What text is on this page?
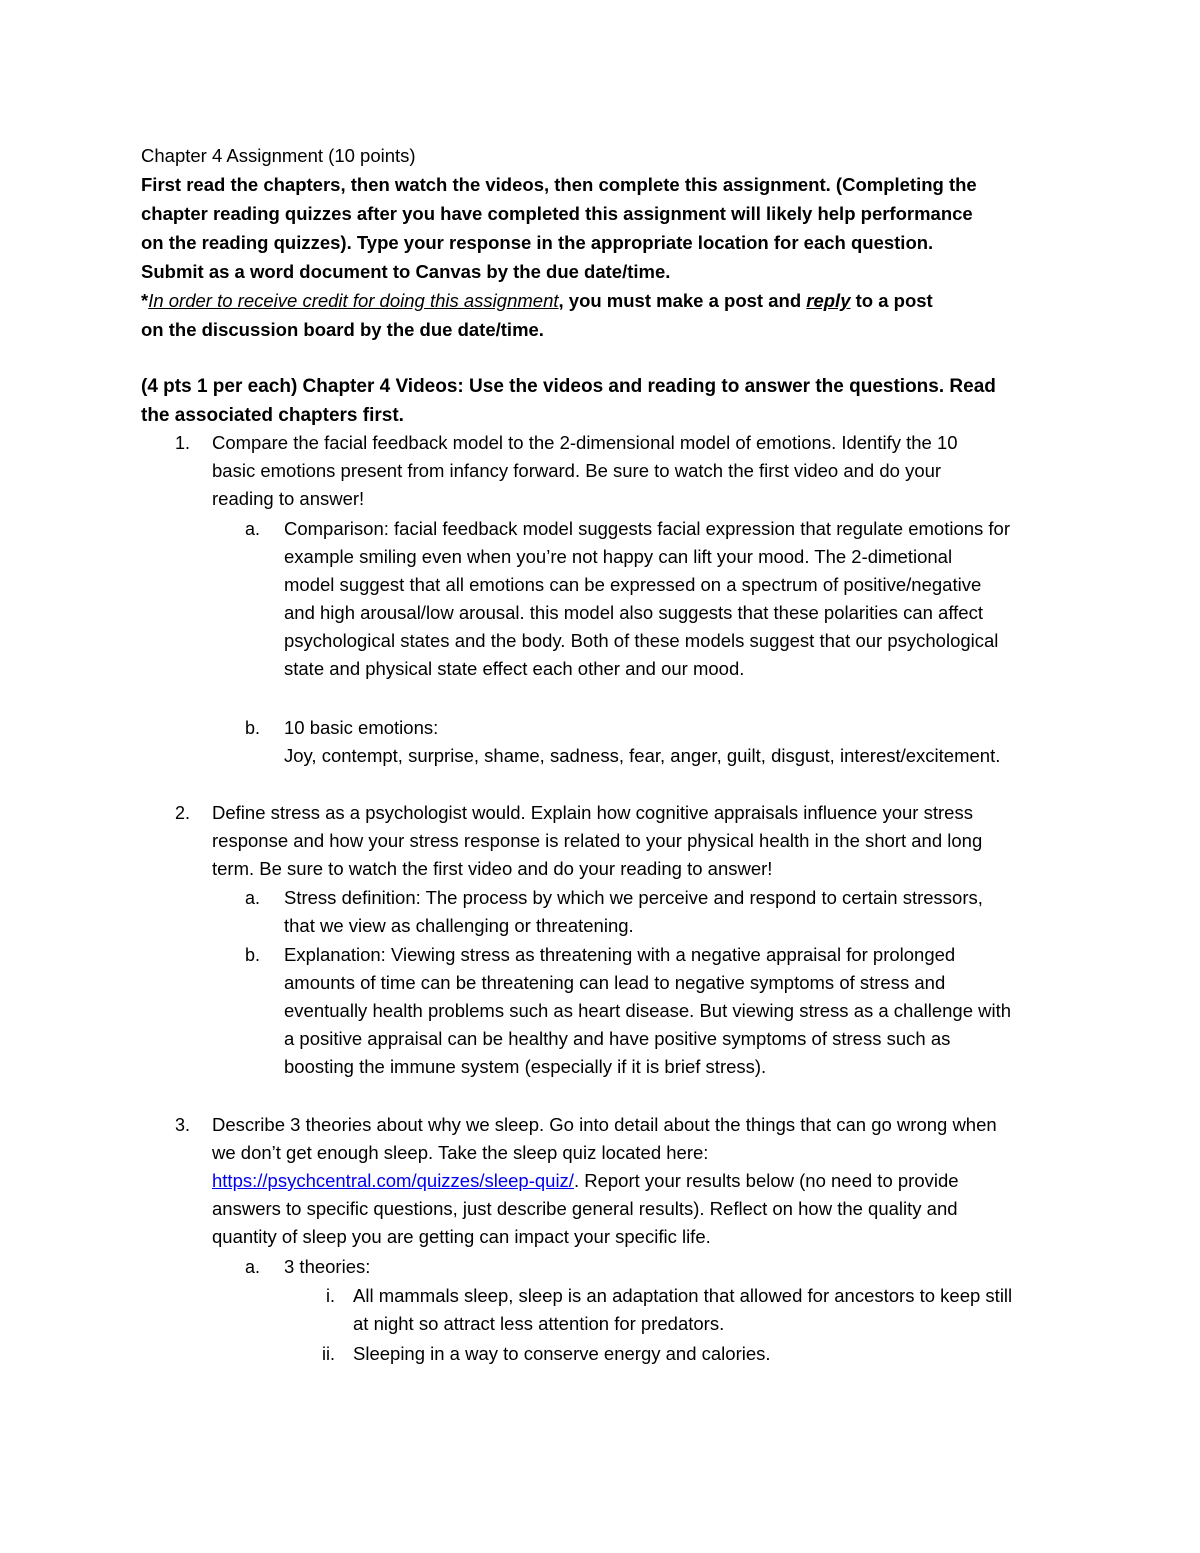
Chapter 4 Assignment (10 points)
First read the chapters, then watch the videos, then complete this assignment. (Completing the
chapter reading quizzes after you have completed this assignment will likely help performance
on the reading quizzes). Type your response in the appropriate location for each question.
Submit as a word document to Canvas by the due date/time.
*In order to receive credit for doing this assignment, you must make a post and reply to a post
on the discussion board by the due date/time.
(4 pts 1 per each) Chapter 4 Videos: Use the videos and reading to answer the questions. Read
the associated chapters first.
1. Compare the facial feedback model to the 2-dimensional model of emotions. Identify the 10
basic emotions present from infancy forward. Be sure to watch the first video and do your
reading to answer!
a. Comparison: facial feedback model suggests facial expression that regulate emotions for
example smiling even when you’re not happy can lift your mood. The 2-dimetional
model suggest that all emotions can be expressed on a spectrum of positive/negative
and high arousal/low arousal. this model also suggests that these polarities can affect
psychological states and the body. Both of these models suggest that our psychological
state and physical state effect each other and our mood.
b. 10 basic emotions:
Joy, contempt, surprise, shame, sadness, fear, anger, guilt, disgust, interest/excitement.
2. Define stress as a psychologist would. Explain how cognitive appraisals influence your stress
response and how your stress response is related to your physical health in the short and long
term. Be sure to watch the first video and do your reading to answer!
a. Stress definition: The process by which we perceive and respond to certain stressors,
that we view as challenging or threatening.
b. Explanation: Viewing stress as threatening with a negative appraisal for prolonged
amounts of time can be threatening can lead to negative symptoms of stress and
eventually health problems such as heart disease. But viewing stress as a challenge with
a positive appraisal can be healthy and have positive symptoms of stress such as
boosting the immune system (especially if it is brief stress).
3. Describe 3 theories about why we sleep. Go into detail about the things that can go wrong when
we don’t get enough sleep. Take the sleep quiz located here:
https://psychcentral.com/quizzes/sleep-quiz/. Report your results below (no need to provide
answers to specific questions, just describe general results). Reflect on how the quality and
quantity of sleep you are getting can impact your specific life.
a. 3 theories:
i. All mammals sleep, sleep is an adaptation that allowed for ancestors to keep still
at night so attract less attention for predators.
ii. Sleeping in a way to conserve energy and calories.
